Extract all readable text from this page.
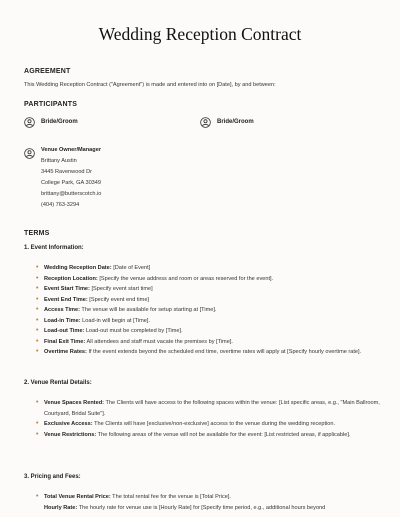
Wedding Reception Contract
AGREEMENT
This Wedding Reception Contract ("Agreement") is made and entered into on [Date], by and between:
PARTICIPANTS
Bride/Groom	Bride/Groom
Venue Owner/Manager
Brittany Austin
3445 Ravenwood Dr
College Park, GA 30349
brittany@butterscotch.io
(404) 763-3294
TERMS
1. Event Information:
• Wedding Reception Date: [Date of Event]
• Reception Location: [Specify the venue address and room or areas reserved for the event].
• Event Start Time: [Specify event start time]
• Event End Time: [Specify event end time]
• Access Time: The venue will be available for setup starting at [Time].
• Load-in Time: Load-in will begin at [Time].
• Load-out Time: Load-out must be completed by [Time].
• Final Exit Time: All attendees and staff must vacate the premises by [Time].
• Overtime Rates: If the event extends beyond the scheduled end time, overtime rates will apply at [Specify hourly overtime rate].
2. Venue Rental Details:
• Venue Spaces Rented: The Clients will have access to the following spaces within the venue: [List specific areas, e.g., "Main Ballroom, Courtyard, Bridal Suite"].
• Exclusive Access: The Clients will have [exclusive/non-exclusive] access to the venue during the wedding reception.
• Venue Restrictions: The following areas of the venue will not be available for the event: [List restricted areas, if applicable].
3. Pricing and Fees:
• Total Venue Rental Price: The total rental fee for the venue is [Total Price].
• Hourly Rate: The hourly rate for venue use is [Hourly Rate] for [Specify time period, e.g., additional hours beyond
